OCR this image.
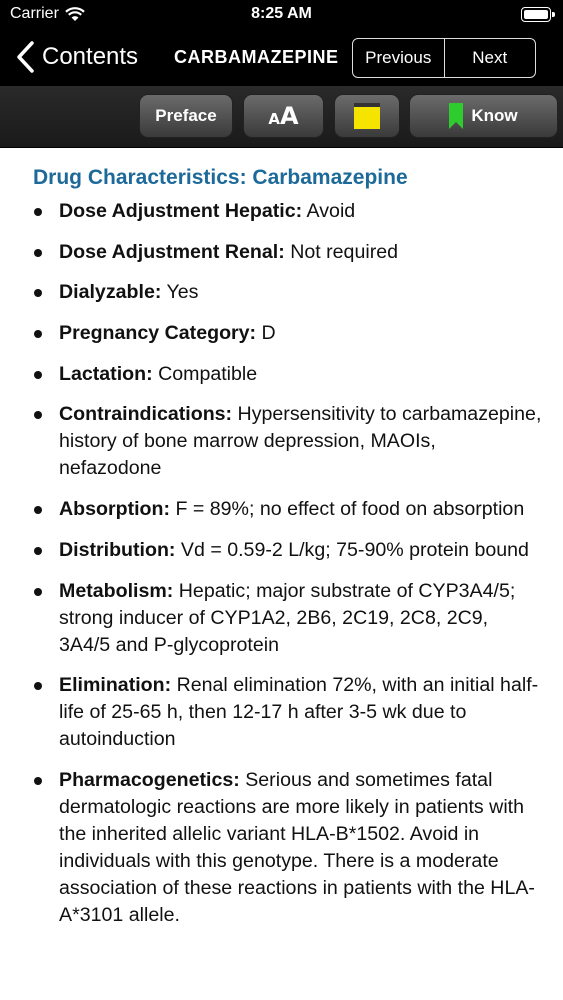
Carrier	8:25 AM
Contents CARBAMAZEPINE	Previous	Next
Preface	AA	Know
Drug Characteristics: Carbamazepine
Dose Adjustment Hepatic: Avoid
Dose Adjustment Renal: Not required
Dialyzable: Yes
Pregnancy Category: D
Lactation: Compatible
Contraindications: Hypersensitivity to carbamazepine, history of bone marrow depression, MAOIs, nefazodone
Absorption: F = 89%; no effect of food on absorption
Distribution: Vd = 0.59-2 L/kg; 75-90% protein bound
Metabolism: Hepatic; major substrate of CYP3A4/5; strong inducer of CYP1A2, 2B6, 2C19, 2C8, 2C9, 3A4/5 and P-glycoprotein
Elimination: Renal elimination 72%, with an initial half-life of 25-65 h, then 12-17 h after 3-5 wk due to autoinduction
Pharmacogenetics: Serious and sometimes fatal dermatologic reactions are more likely in patients with the inherited allelic variant HLA-B*1502. Avoid in individuals with this genotype. There is a moderate association of these reactions in patients with the HLA-A*3101 allele.
